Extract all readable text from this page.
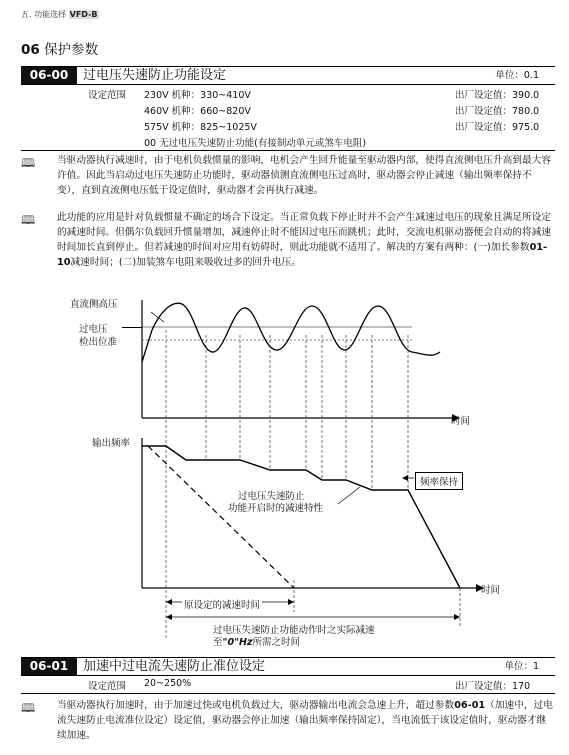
五. 功能选择 VFD-B
06 保护参数
06-00	过电压失速防止功能设定	单位：0.1
设定范围 230V 机种：330~410V	出厂设定值：390.0
460V 机种：660~820V	出厂设定值：780.0
575V 机种：825~1025V	出厂设定值：975.0
00 无过电压失速防止功能(有接制动单元或煞车电阻)
🕮 当驱动器执行减速时，由于电机负载惯量的影响，电机会产生回升能量至驱动器内部，使得直流侧电压升高到最大容许值。因此当启动过电压失速防止功能时，驱动器侦测直流侧电压过高时，驱动器会停止减速（输出频率保持不变），直到直流侧电压低于设定值时，驱动器才会再执行减速。
🕮 此功能的应用是针对负载惯量不确定的场合下设定。当正常负载下停止时并不会产生减速过电压的现象且满足所设定的减速时间。但偶尔负载回升惯量增加，减速停止时不能因过电压而跳机；此时，交流电机驱动器便会自动的将减速时间加长直到停止。但若减速的时间对应用有妨碍时，则此功能就不适用了。解决的方案有两种：(一)加长参数01-10减速时间；(二)加装煞车电阻来吸收过多的回升电压。
直流侧高压
过电压
检出位准
时间
输出频率
频率保持
过电压失速防止
功能开启时的减速特性
时间
原设定的减速时间
过电压失速防止功能动作时之实际减速
至"0"Hz所需之时间
06-01	加速中过电流失速防止准位设定	单位：1
设定范围 20~250%	出厂设定值：170
🕮 当驱动器执行加速时，由于加速过快或电机负载过大，驱动器输出电流会急速上升，超过参数06-01（加速中，过电流失速防止电流准位设定）设定值，驱动器会停止加速（输出频率保持固定），当电流低于该设定值时，驱动器才继续加速。
